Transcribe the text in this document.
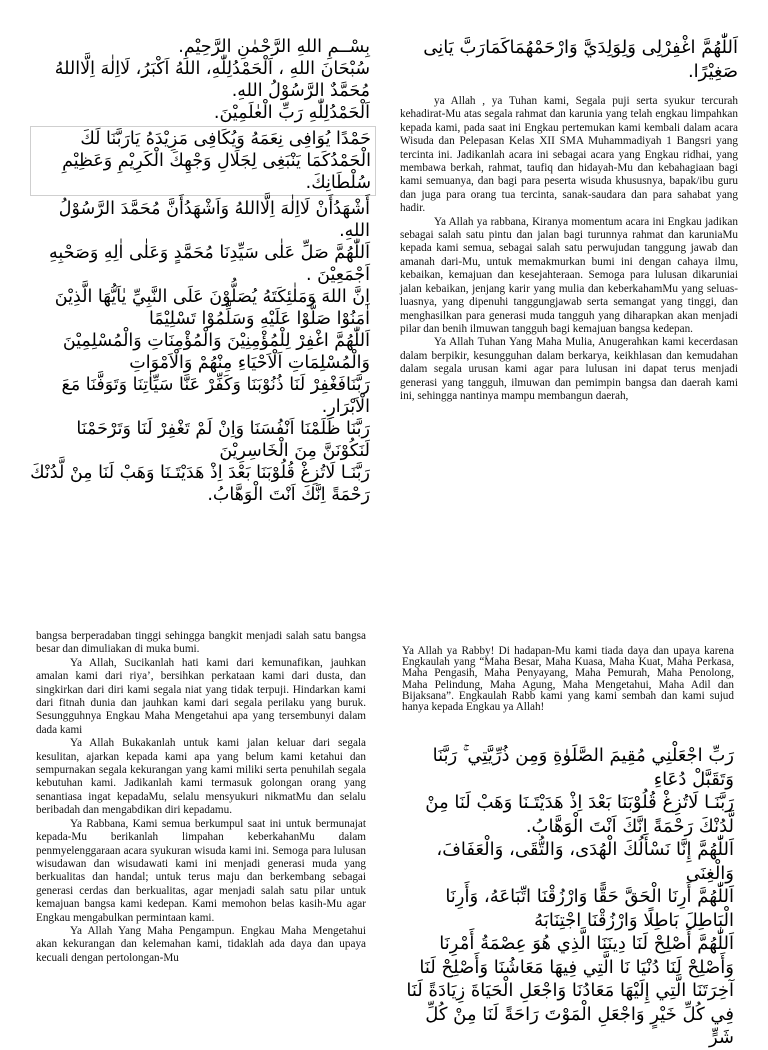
بِسْــمِ اللهِ الرَّحْمٰنِ الرَّحِيْمِ.
سُبْحَانَ اللهِ ، اَلْحَمْدُلِلّٰهِ، اللهُ اَكْبَرُ، لَااِلٰهَ اِلَّااللهُ مُحَمَّدٌ الرَّسُوْلُ اللهِ.
اَلْحَمْدُلِلّٰهِ رَبِّ الْعٰلَمِيْنَ.
حَمْدًا يُوَافِى نِعَمَهُ وَيُكَافِى مَزِيْدَهُ يَارَبَّنَا لَكَ الْحَمْدُكَمَا يَنْبَغِى لِجَلَالِ وَجْهِكَ الْكَرِيْمِ وَعَظِيْمِ سُلْطَانِكَ.
أَشْهَدُأَنْ لَااِلٰهَ اِلَّااللهُ وَاَشْهَدُأَنَّ مُحَمَّدَ الرَّسُوْلُ اللهِ.
اَللّٰهُمَّ صَلِّ عَلٰى سَيِّدِنَا مُحَمَّدٍ وَعَلٰى اٰلِهِ وَصَحْبِهِ اَجْمَعِيْنَ .
اِنَّ اللهَ وَمَلٰئِكَتَهُ يُصَلُّوْنَ عَلَى النَّبِيِّ يٰاَيُّهَا الَّذِيْنَ اٰمَنُوْا صَلُّوْا عَلَيْهِ وَسَلِّمُوْا تَسْلِيْمًا
اَللّٰهُمَّ اغْفِرْ لِلْمُؤْمِنِيْنَ وَالْمُؤْمِنَاتِ وَالْمُسْلِمِيْنَ وَالْمُسْلِمَاتِ اَلْاَحْيَاءِ مِنْهُمْ وَالْاَمْوَاتِ
رَبَّنَافَغْفِرْ لَنَا ذُنُوْبَنَا وَكَفِّرْ عَنَّا سَيِّاٰتِنَا وَتَوَفَّنَا مَعَ الْاَبْرَارِ.
رَبَّنَا ظَلَمْنَا اَنْفُسَنَا وَاِنْ لَمْ تَغْفِرْ لَنَا وَتَرْحَمْنَا لَنَكُوْنَنَّ مِنَ الْخَاسِرِيْنَ
رَبَّنَـا لَاتُزِغْ قُلُوْبَنَا بَعْدَ اِذْ هَدَيْتَـنَا وَهَبْ لَنَا مِنْ لَّدُنْكَ رَحْمَةً اِنَّكَ اَنْتَ الْوَهَّابُ.
اَللّٰهُمَّ اغْفِرْلِى وَلِوَلِدَيَّ وَارْحَمْهُمَاكَمَارَبَّ يَانِى صَغِيْرًا.

ya Allah , ya Tuhan kami, Segala puji serta syukur tercurah kehadirat-Mu atas segala rahmat dan karunia yang telah engkau limpahkan kepada kami, pada saat ini Engkau pertemukan kami kembali dalam acara Wisuda dan Pelepasan Kelas XII SMA Muhammadiyah 1 Bangsri yang tercinta ini. Jadikanlah acara ini sebagai acara yang Engkau ridhai, yang membawa berkah, rahmat, taufiq dan hidayah-Mu dan kebahagiaan bagi kami semuanya, dan bagi para peserta wisuda khususnya, bapak/ibu guru dan juga para orang tua tercinta, sanak-saudara dan para sahabat yang hadir.

Ya Allah ya rabbana, Kiranya momentum acara ini Engkau jadikan sebagai salah satu pintu dan jalan bagi turunnya rahmat dan karuniaMu kepada kami semua, sebagai salah satu perwujudan tanggung jawab dan amanah dari-Mu, untuk memakmurkan bumi ini dengan cahaya ilmu, kebaikan, kemajuan dan kesejahteraan. Semoga para lulusan dikaruniai jalan kebaikan, jenjang karir yang mulia dan keberkahamMu yang seluas-luasnya, yang dipenuhi tanggungjawab serta semangat yang tinggi, dan menghasilkan para generasi muda tangguh yang diharapkan akan menjadi pilar dan benih ilmuwan tangguh bagi kemajuan bangsa kedepan.

Ya Allah Tuhan Yang Maha Mulia, Anugerahkan kami kecerdasan dalam berpikir, kesungguhan dalam berkarya, keikhlasan dan kemudahan dalam segala urusan kami agar para lulusan ini dapat terus menjadi generasi yang tangguh, ilmuwan dan pemimpin bangsa dan daerah kami ini, sehingga nantinya mampu membangun daerah,

bangsa berperadaban tinggi sehingga bangkit menjadi salah satu bangsa besar dan dimuliakan di muka bumi.

Ya Allah, Sucikanlah hati kami dari kemunafikan, jauhkan amalan kami dari riya’, bersihkan perkataan kami dari dusta, dan singkirkan dari diri kami segala niat yang tidak terpuji. Hindarkan kami dari fitnah dunia dan jauhkan kami dari segala perilaku yang buruk. Sesungguhnya Engkau Maha Mengetahui apa yang tersembunyi dalam dada kami

Ya Allah Bukakanlah untuk kami jalan keluar dari segala kesulitan, ajarkan kepada kami apa yang belum kami ketahui dan sempurnakan segala kekurangan yang kami miliki serta penuhilah segala kebutuhan kami. Jadikanlah kami termasuk golongan orang yang senantiasa ingat kepadaMu, selalu mensyukuri nikmatMu dan selalu beribadah dan mengabdikan diri kepadamu.

Ya Rabbana, Kami semua berkumpul saat ini untuk bermunajat kepada-Mu berikanlah limpahan keberkahanMu dalam penmyelenggaraan acara syukuran wisuda kami ini. Semoga para lulusan wisudawan dan wisudawati kami ini menjadi generasi muda yang berkualitas dan handal; untuk terus maju dan berkembang sebagai generasi cerdas dan berkualitas, agar menjadi salah satu pilar untuk kemajuan bangsa kami kedepan. Kami memohon belas kasih-Mu agar Engkau mengabulkan permintaan kami.

Ya Allah Yang Maha Pengampun. Engkau Maha Mengetahui akan kekurangan dan kelemahan kami, tidaklah ada daya dan upaya kecuali dengan pertolongan-Mu

Ya Allah ya Rabby! Di hadapan-Mu kami tiada daya dan upaya karena Engkaulah yang “Maha Besar, Maha Kuasa, Maha Kuat, Maha Perkasa, Maha Pengasih, Maha Penyayang, Maha Pemurah, Maha Penolong, Maha Pelindung, Maha Agung, Maha Mengetahui, Maha Adil dan Bijaksana”. Engkaulah Rabb kami yang kami sembah dan kami sujud hanya kepada Engkau ya Allah!

رَبِّ اجْعَلْنِي مُقِيمَ الصَّلَوٰةِ وَمِن ذُرِّيَّتِي ۚ رَبَّنَا وَتَقَبَّلْ دُعَاءِ
رَبَّنَـا لَاتُزِغْ قُلُوْبَنَا بَعْدَ اِذْ هَدَيْتَـنَا وَهَبْ لَنَا مِنْ لَّدُنْكَ رَحْمَةً اِنَّكَ اَنْتَ الْوَهَّابُ.
اَللّٰهُمَّ إِنَّا نَسْأَلُكَ الْهُدَى، وَالتُّقَى، وَالْعَفَافَ، وَالْغِنَى
اَللّٰهُمَّ أَرِنَا الْحَقَّ حَقًّا وَارْزُقْنَا اتِّبَاعَهُ، وَأَرِنَا الْبَاطِلَ بَاطِلًا وَارْزُقْنَا اجْتِنَابَهُ
اَللّٰهُمَّ أَصْلِحْ لَنَا دِينَنَا الَّذِي هُوَ عِصْمَةُ أَمْرِنَا وَأَصْلِحْ لَنَا دُنْيَا نَا الَّتِي فِيهَا مَعَاشُنَا وَأَصْلِحْ لَنَا آخِرَتَنَا الَّتِي إِلَيْهَا مَعَادُنَا وَاجْعَلِ الْحَيَاةَ زِيَادَةً لَنَا فِي كُلِّ خَيْرٍ وَاجْعَلِ الْمَوْتَ رَاحَةً لَنَا مِنْ كُلِّ شَرٍّ
